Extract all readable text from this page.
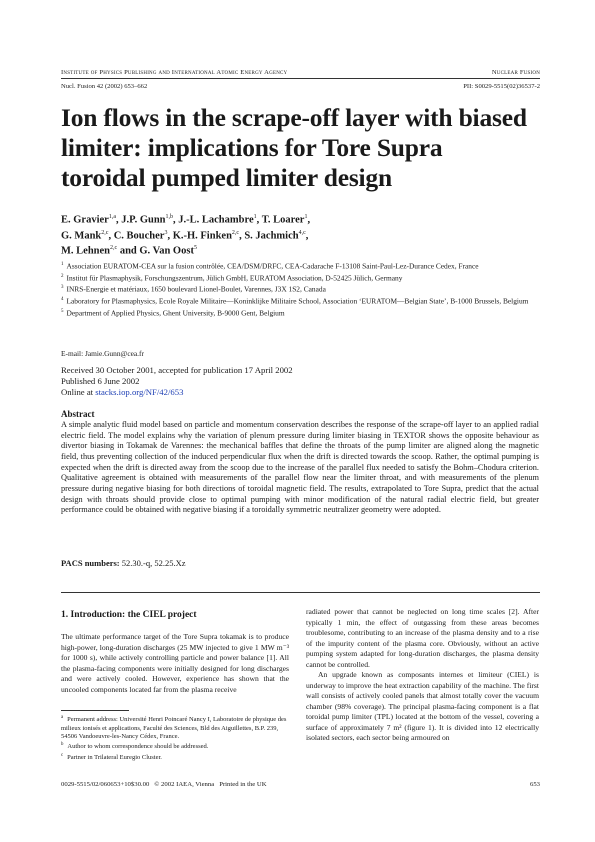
Institute of Physics Publishing and International Atomic Energy Agency	Nuclear Fusion
Nucl. Fusion 42 (2002) 653–662	PII: S0029-5515(02)36537-2
Ion flows in the scrape-off layer with biased limiter: implications for Tore Supra toroidal pumped limiter design
E. Gravier$^{1,a}$, J.P. Gunn$^{1,b}$, J.-L. Lachambre$^1$, T. Loarer$^1$,
G. Mank$^{2,c}$, C. Boucher$^3$, K.-H. Finken$^{2,c}$, S. Jachmich$^{4,c}$,
M. Lehnen$^{2,c}$ and G. Van Oost$^5$
$^1$ Association EURATOM-CEA sur la fusion contrôlée, CEA/DSM/DRFC, CEA-Cadarache F-13108 Saint-Paul-Lez-Durance Cedex, France
$^2$ Institut für Plasmaphysik, Forschungszentrum, Jülich GmbH, EURATOM Association, D-52425 Jülich, Germany
$^3$ INRS-Energie et matériaux, 1650 boulevard Lionel-Boulet, Varennes, J3X 1S2, Canada
$^4$ Laboratory for Plasmaphysics, Ecole Royale Militaire—Koninklijke Militaire School, Association ‘EURATOM—Belgian State’, B-1000 Brussels, Belgium
$^5$ Department of Applied Physics, Ghent University, B-9000 Gent, Belgium
E-mail: Jamie.Gunn@cea.fr
Received 30 October 2001, accepted for publication 17 April 2002
Published 6 June 2002
Online at stacks.iop.org/NF/42/653
Abstract
A simple analytic fluid model based on particle and momentum conservation describes the response of the scrape-off layer to an applied radial electric field. The model explains why the variation of plenum pressure during limiter biasing in TEXTOR shows the opposite behaviour as divertor biasing in Tokamak de Varennes: the mechanical baffles that define the throats of the pump limiter are aligned along the magnetic field, thus preventing collection of the induced perpendicular flux when the drift is directed towards the scoop. Rather, the optimal pumping is expected when the drift is directed away from the scoop due to the increase of the parallel flux needed to satisfy the Bohm–Chodura criterion. Qualitative agreement is obtained with measurements of the parallel flow near the limiter throat, and with measurements of the plenum pressure during negative biasing for both directions of toroidal magnetic field. The results, extrapolated to Tore Supra, predict that the actual design with throats should provide close to optimal pumping with minor modification of the natural radial electric field, but greater performance could be obtained with negative biasing if a toroidally symmetric neutralizer geometry were adopted.
PACS numbers: 52.30.-q, 52.25.Xz
1. Introduction: the CIEL project

The ultimate performance target of the Tore Supra tokamak is to produce high-power, long-duration discharges (25 MW injected to give 1 MW m⁻³ for 1000 s), while actively controlling particle and power balance [1]. All the plasma-facing components were initially designed for long discharges and were actively cooled. However, experience has shown that the uncooled components located far from the plasma receive

$^a$ Permanent address: Université Henri Poincaré Nancy I, Laboratoire de physique des milieux ionisés et applications, Faculté des Sciences, Bld des Aiguillettes, B.P. 239, 54506 Vandoeuvre-les-Nancy Cédex, France.
$^b$ Author to whom correspondence should be addressed.
$^c$ Partner in Trilateral Euregio Cluster.

radiated power that cannot be neglected on long time scales [2]. After typically 1 min, the effect of outgassing from these areas becomes troublesome, contributing to an increase of the plasma density and to a rise of the impurity content of the plasma core. Obviously, without an active pumping system adapted for long-duration discharges, the plasma density cannot be controlled.

An upgrade known as composants internes et limiteur (CIEL) is underway to improve the heat extraction capability of the machine. The first wall consists of actively cooled panels that almost totally cover the vacuum chamber (98% coverage). The principal plasma-facing component is a flat toroidal pump limiter (TPL) located at the bottom of the vessel, covering a surface of approximately 7 m² (figure 1). It is divided into 12 electrically isolated sectors, each sector being armoured on

0029-5515/02/060653+10$30.00   © 2002 IAEA, Vienna   Printed in the UK	653
